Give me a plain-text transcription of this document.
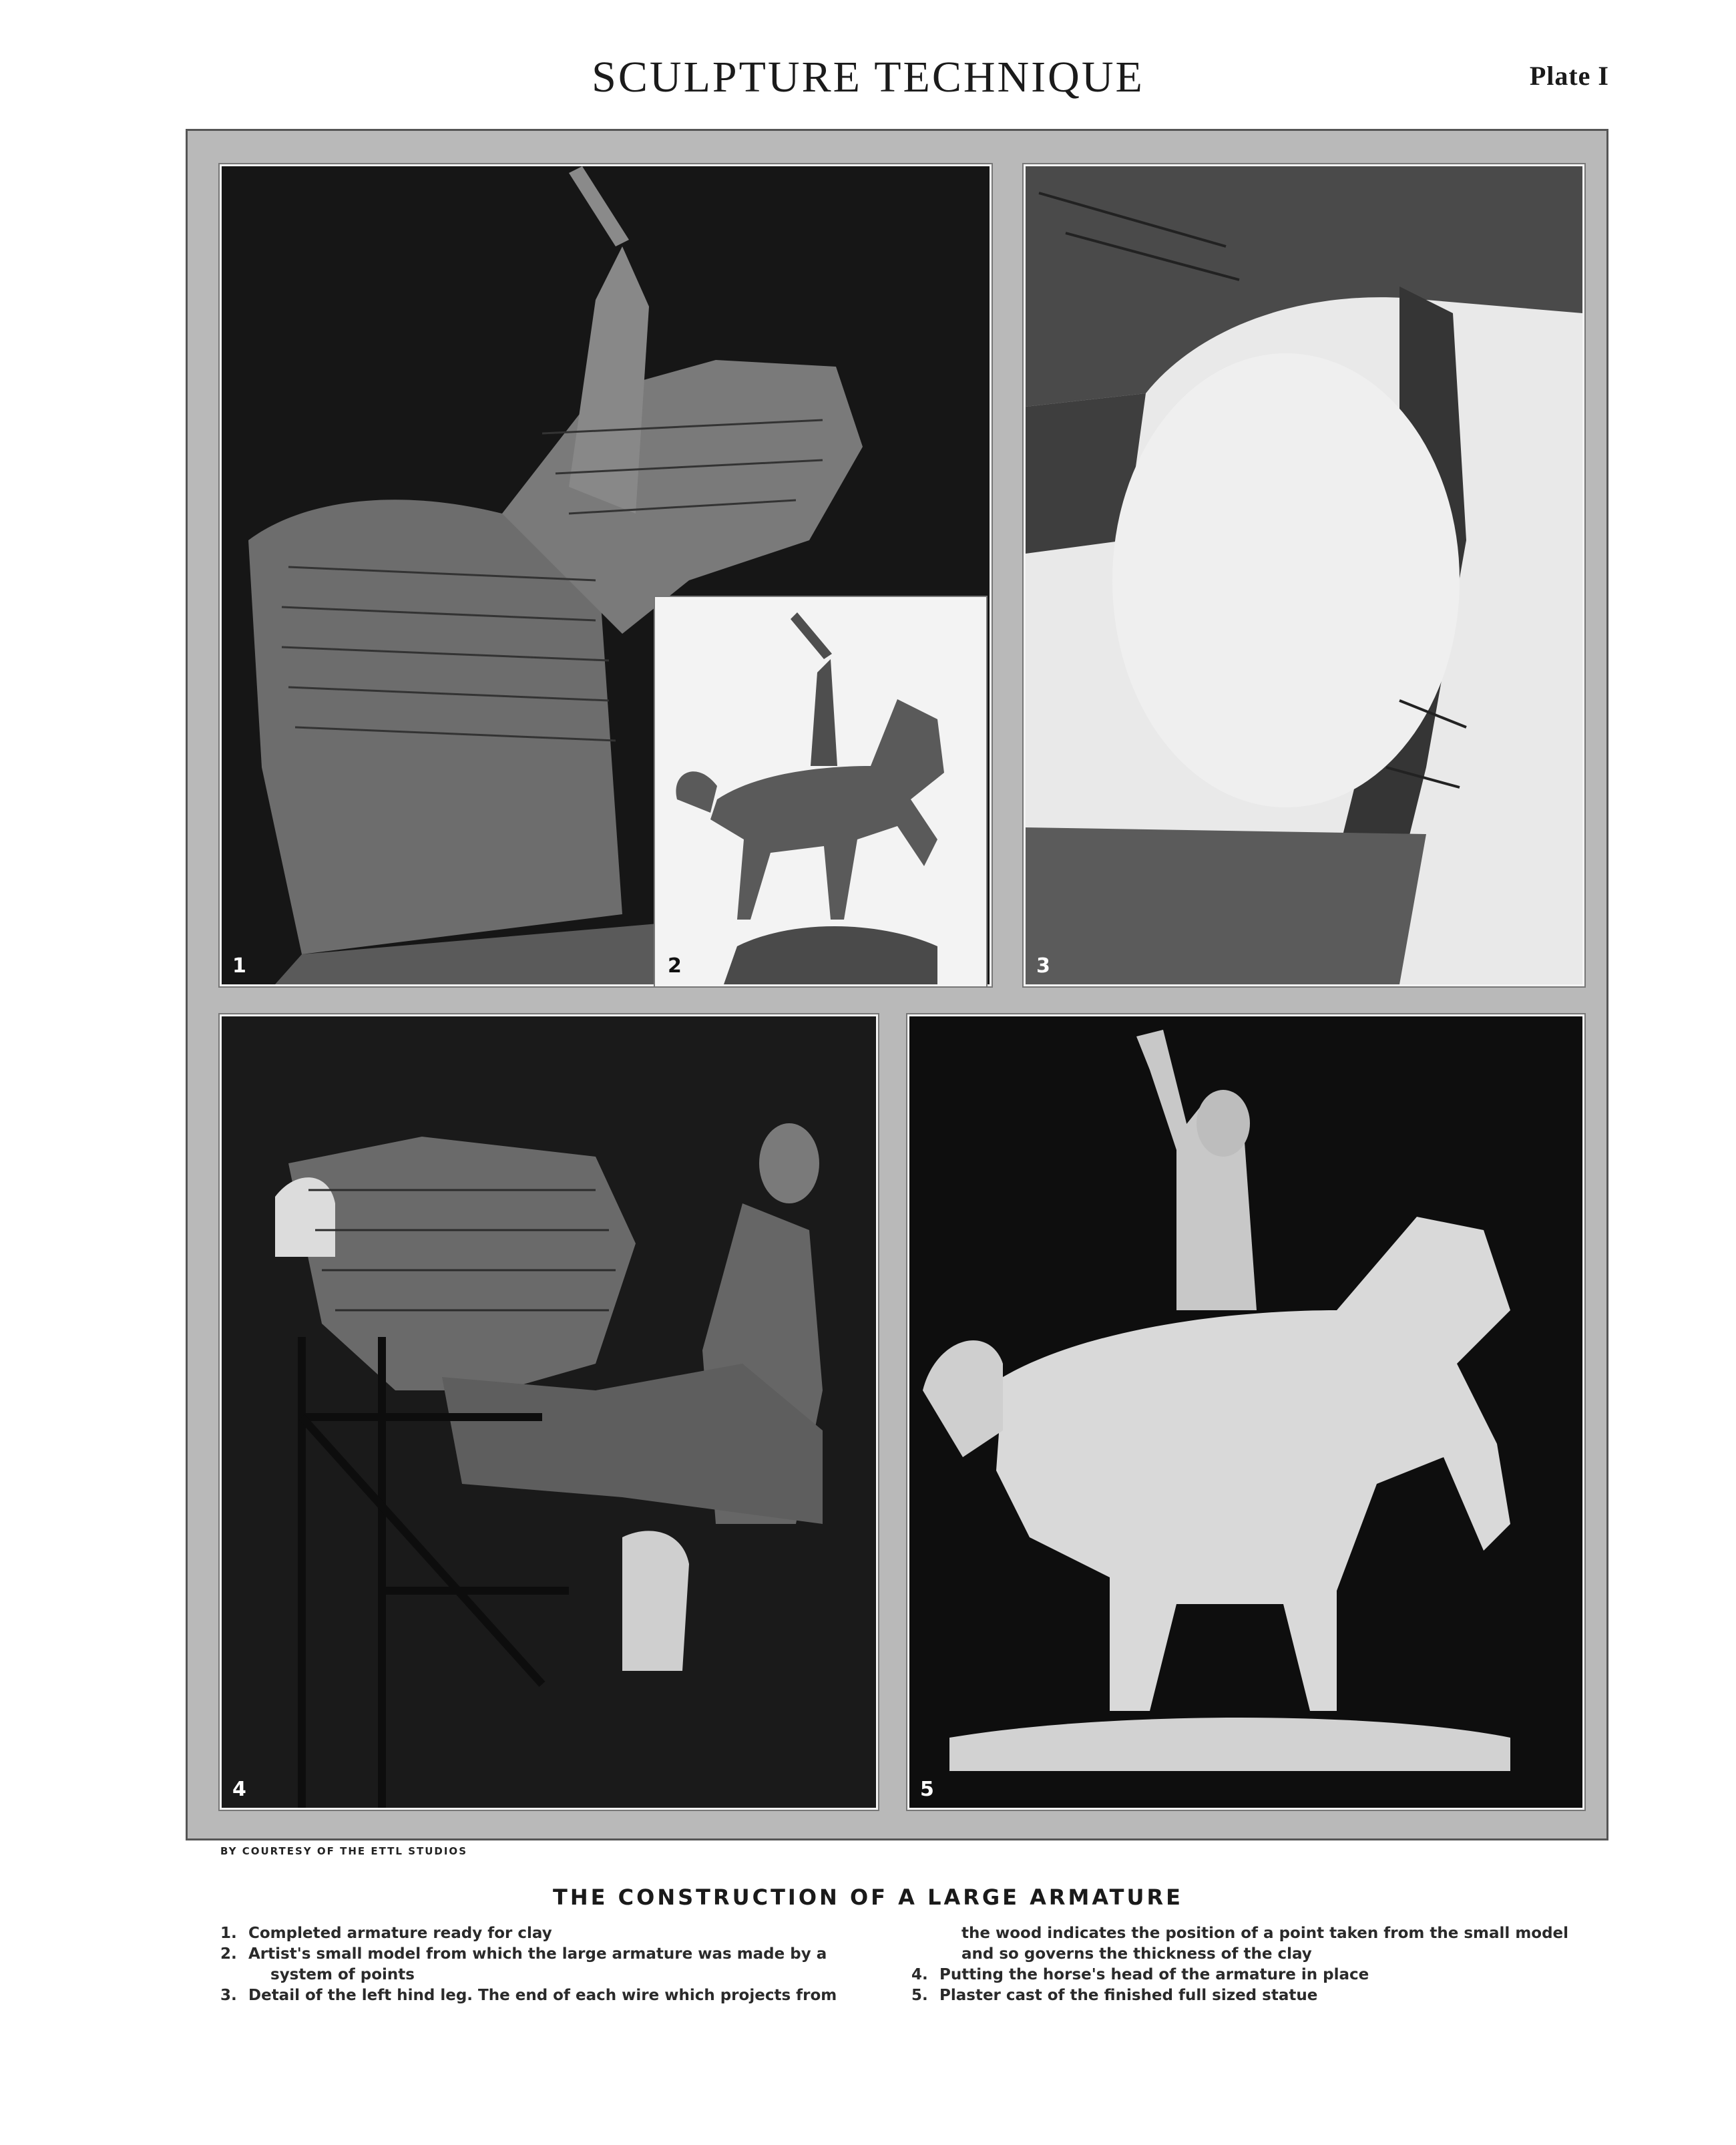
SCULPTURE TECHNIQUE	Plate I
1	3
2
4	5
BY COURTESY OF THE ETTL STUDIOS
THE CONSTRUCTION OF A LARGE ARMATURE
1. Completed armature ready for clay
2. Artist's small model from which the large armature was made by a
system of points
3. Detail of the left hind leg. The end of each wire which projects from
the wood indicates the position of a point taken from the small model and so governs the thickness of the clay
4. Putting the horse's head of the armature in place
5. Plaster cast of the finished full sized statue
